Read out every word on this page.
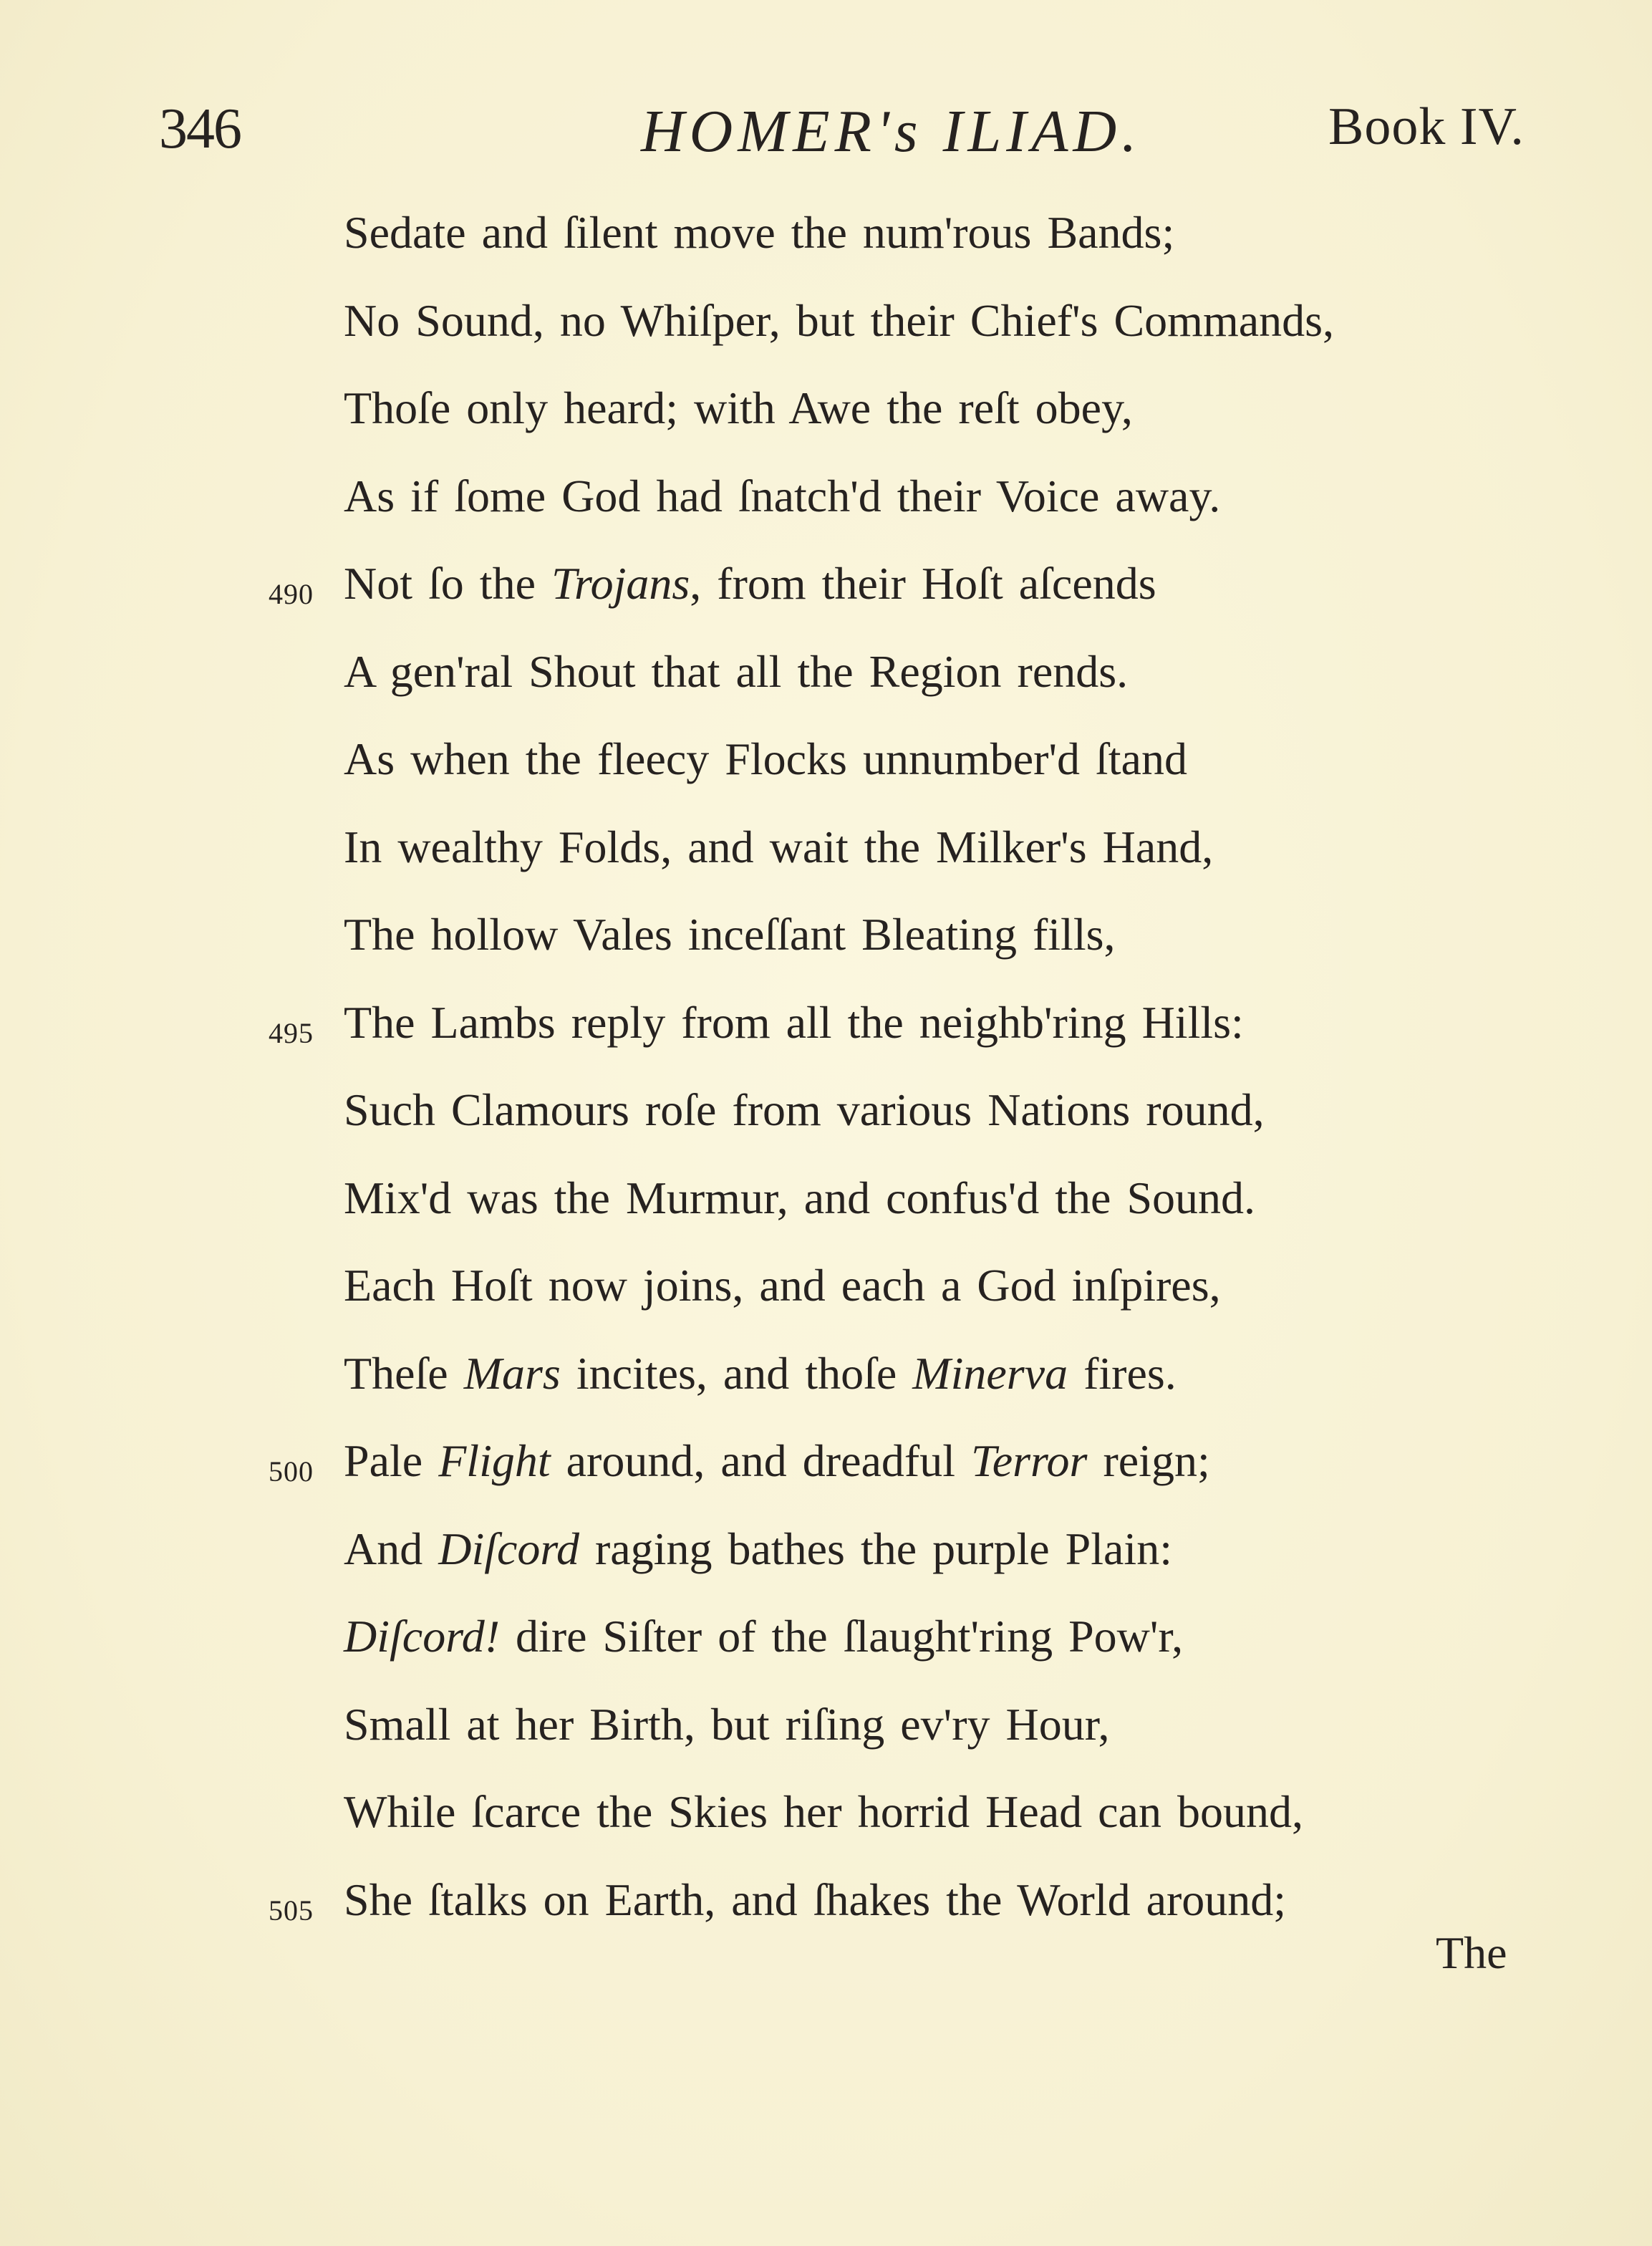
346	HOMER's ILIAD.	Book IV.
Sedate and ſilent move the num'rous Bands;
No Sound, no Whiſper, but their Chief's Commands,
Thoſe only heard; with Awe the reſt obey,
As if ſome God had ſnatch'd their Voice away.
490 Not ſo the Trojans, from their Hoſt aſcends
A gen'ral Shout that all the Region rends.
As when the fleecy Flocks unnumber'd ſtand
In wealthy Folds, and wait the Milker's Hand,
The hollow Vales inceſſant Bleating fills,
495 The Lambs reply from all the neighb'ring Hills:
Such Clamours roſe from various Nations round,
Mix'd was the Murmur, and confus'd the Sound.
Each Hoſt now joins, and each a God inſpires,
Theſe Mars incites, and thoſe Minerva fires.
500 Pale Flight around, and dreadful Terror reign;
And Diſcord raging bathes the purple Plain:
Diſcord! dire Siſter of the ſlaught'ring Pow'r,
Small at her Birth, but riſing ev'ry Hour,
While ſcarce the Skies her horrid Head can bound,
505 She ſtalks on Earth, and ſhakes the World around;
The
